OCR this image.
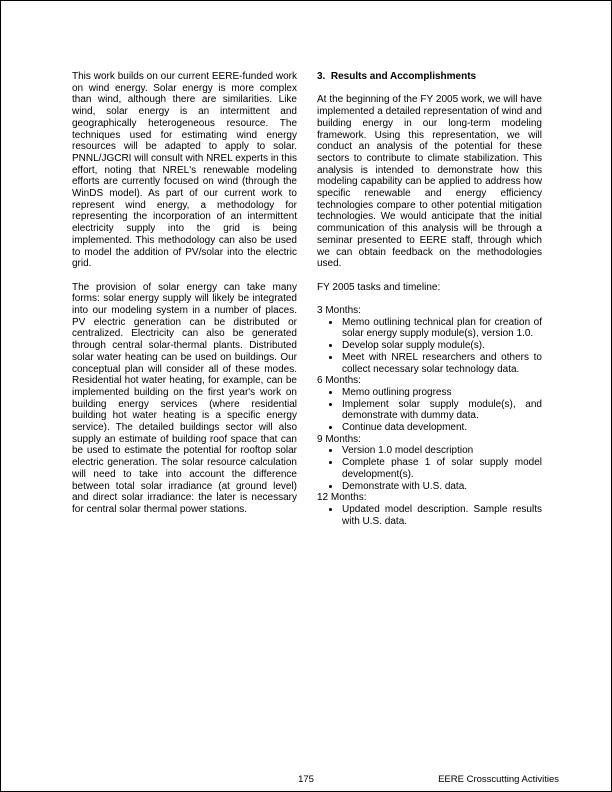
This work builds on our current EERE-funded work on wind energy. Solar energy is more complex than wind, although there are similarities. Like wind, solar energy is an intermittent and geographically heterogeneous resource. The techniques used for estimating wind energy resources will be adapted to apply to solar. PNNL/JGCRI will consult with NREL experts in this effort, noting that NREL's renewable modeling efforts are currently focused on wind (through the WinDS model). As part of our current work to represent wind energy, a methodology for representing the incorporation of an intermittent electricity supply into the grid is being implemented. This methodology can also be used to model the addition of PV/solar into the electric grid.

The provision of solar energy can take many forms: solar energy supply will likely be integrated into our modeling system in a number of places. PV electric generation can be distributed or centralized. Electricity can also be generated through central solar-thermal plants. Distributed solar water heating can be used on buildings. Our conceptual plan will consider all of these modes. Residential hot water heating, for example, can be implemented building on the first year's work on building energy services (where residential building hot water heating is a specific energy service). The detailed buildings sector will also supply an estimate of building roof space that can be used to estimate the potential for rooftop solar electric generation. The solar resource calculation will need to take into account the difference between total solar irradiance (at ground level) and direct solar irradiance: the later is necessary for central solar thermal power stations.

3.  Results and Accomplishments

At the beginning of the FY 2005 work, we will have implemented a detailed representation of wind and building energy in our long-term modeling framework. Using this representation, we will conduct an analysis of the potential for these sectors to contribute to climate stabilization. This analysis is intended to demonstrate how this modeling capability can be applied to address how specific renewable and energy efficiency technologies compare to other potential mitigation technologies. We would anticipate that the initial communication of this analysis will be through a seminar presented to EERE staff, through which we can obtain feedback on the methodologies used.

FY 2005 tasks and timeline:

3 Months:
• Memo outlining technical plan for creation of solar energy supply module(s), version 1.0.
• Develop solar supply module(s).
• Meet with NREL researchers and others to collect necessary solar technology data.
6 Months:
• Memo outlining progress
• Implement solar supply module(s), and demonstrate with dummy data.
• Continue data development.
9 Months:
• Version 1.0 model description
• Complete phase 1 of solar supply model development(s).
• Demonstrate with U.S. data.
12 Months:
• Updated model description. Sample results with U.S. data.
175	EERE Crosscutting Activities
